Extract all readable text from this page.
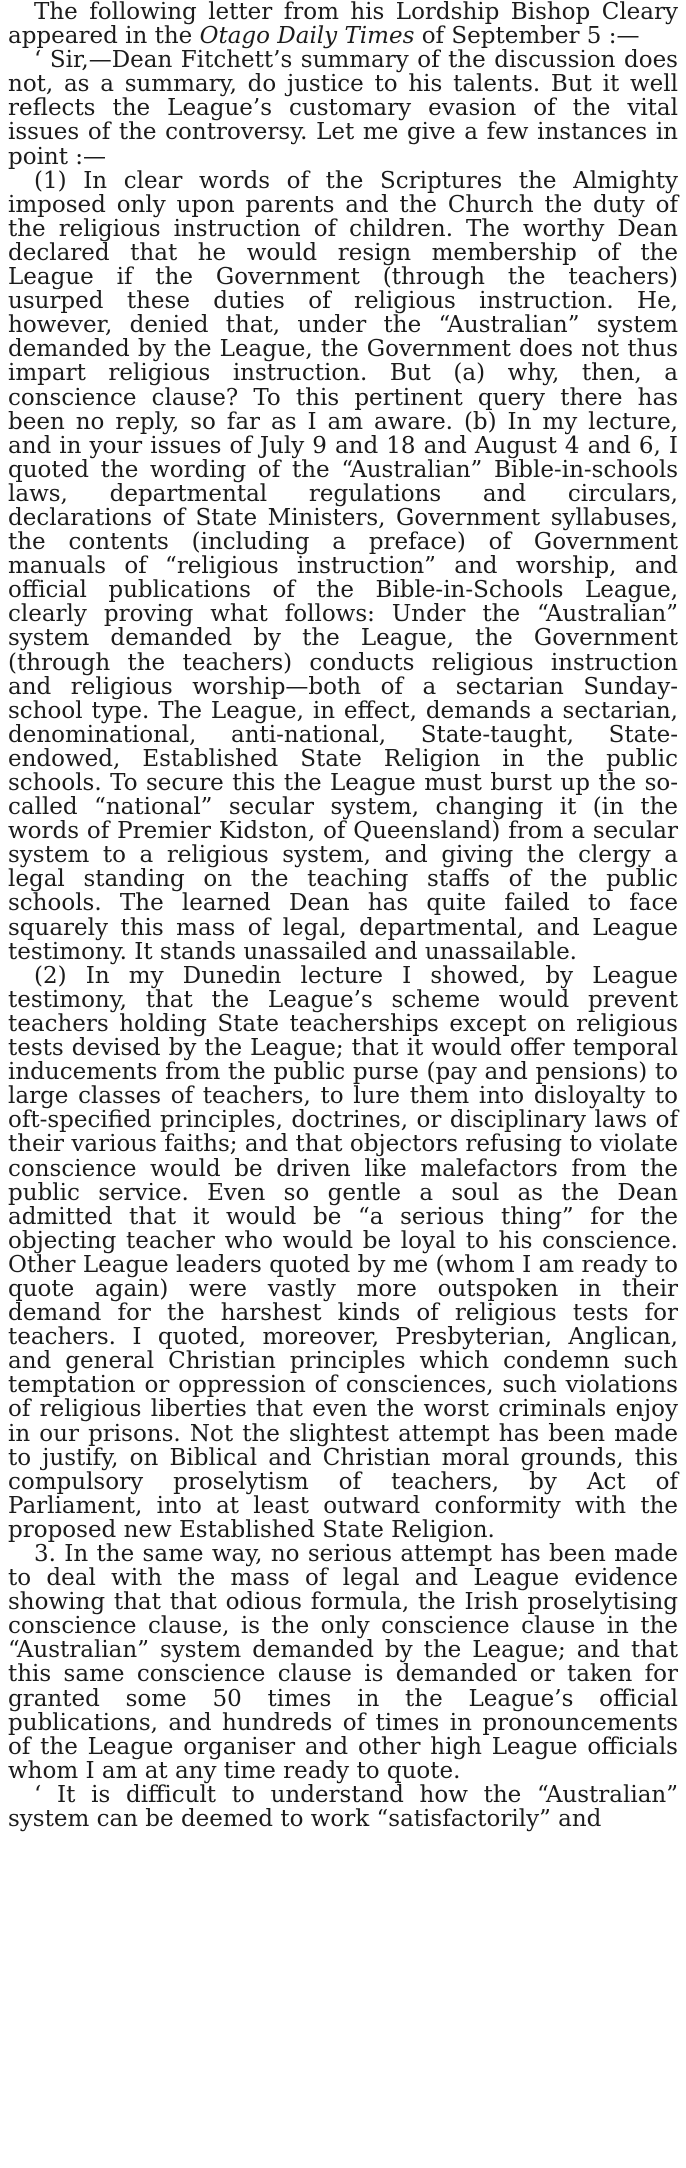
The following letter from his Lordship Bishop Cleary appeared in the Otago Daily Times of September 5 :—

‘ Sir,—Dean Fitchett’s summary of the discussion does not, as a summary, do justice to his talents. But it well reflects the League’s customary evasion of the vital issues of the controversy. Let me give a few instances in point :—

(1) In clear words of the Scriptures the Almighty imposed only upon parents and the Church the duty of the religious instruction of children. The worthy Dean declared that he would resign membership of the League if the Government (through the teachers) usurped these duties of religious instruction. He, however, denied that, under the “Australian” system demanded by the League, the Government does not thus impart religious instruction. But (a) why, then, a conscience clause? To this pertinent query there has been no reply, so far as I am aware. (b) In my lecture, and in your issues of July 9 and 18 and August 4 and 6, I quoted the wording of the “Australian” Bible-in-schools laws, departmental regulations and circulars, declarations of State Ministers, Government syllabuses, the contents (including a preface) of Government manuals of “religious instruction” and worship, and official publications of the Bible-in-Schools League, clearly proving what follows: Under the “Australian” system demanded by the League, the Government (through the teachers) conducts religious instruction and religious worship—both of a sectarian Sunday-school type. The League, in effect, demands a sectarian, denominational, anti-national, State-taught, State-endowed, Established State Religion in the public schools. To secure this the League must burst up the so-called “national” secular system, changing it (in the words of Premier Kidston, of Queensland) from a secular system to a religious system, and giving the clergy a legal standing on the teaching staffs of the public schools. The learned Dean has quite failed to face squarely this mass of legal, departmental, and League testimony. It stands unassailed and unassailable.

(2) In my Dunedin lecture I showed, by League testimony, that the League’s scheme would prevent teachers holding State teacherships except on religious tests devised by the League; that it would offer temporal inducements from the public purse (pay and pensions) to large classes of teachers, to lure them into disloyalty to oft-specified principles, doctrines, or disciplinary laws of their various faiths; and that objectors refusing to violate conscience would be driven like malefactors from the public service. Even so gentle a soul as the Dean admitted that it would be “a serious thing” for the objecting teacher who would be loyal to his conscience. Other League leaders quoted by me (whom I am ready to quote again) were vastly more outspoken in their demand for the harshest kinds of religious tests for teachers. I quoted, moreover, Presbyterian, Anglican, and general Christian principles which condemn such temptation or oppression of consciences, such violations of religious liberties that even the worst criminals enjoy in our prisons. Not the slightest attempt has been made to justify, on Biblical and Christian moral grounds, this compulsory proselytism of teachers, by Act of Parliament, into at least outward conformity with the proposed new Established State Religion.

3. In the same way, no serious attempt has been made to deal with the mass of legal and League evidence showing that that odious formula, the Irish proselytising conscience clause, is the only conscience clause in the “Australian” system demanded by the League; and that this same conscience clause is demanded or taken for granted some 50 times in the League’s official publications, and hundreds of times in pronouncements of the League organiser and other high League officials whom I am at any time ready to quote.

‘ It is difficult to understand how the “Australian” system can be deemed to work “satisfactorily” and
